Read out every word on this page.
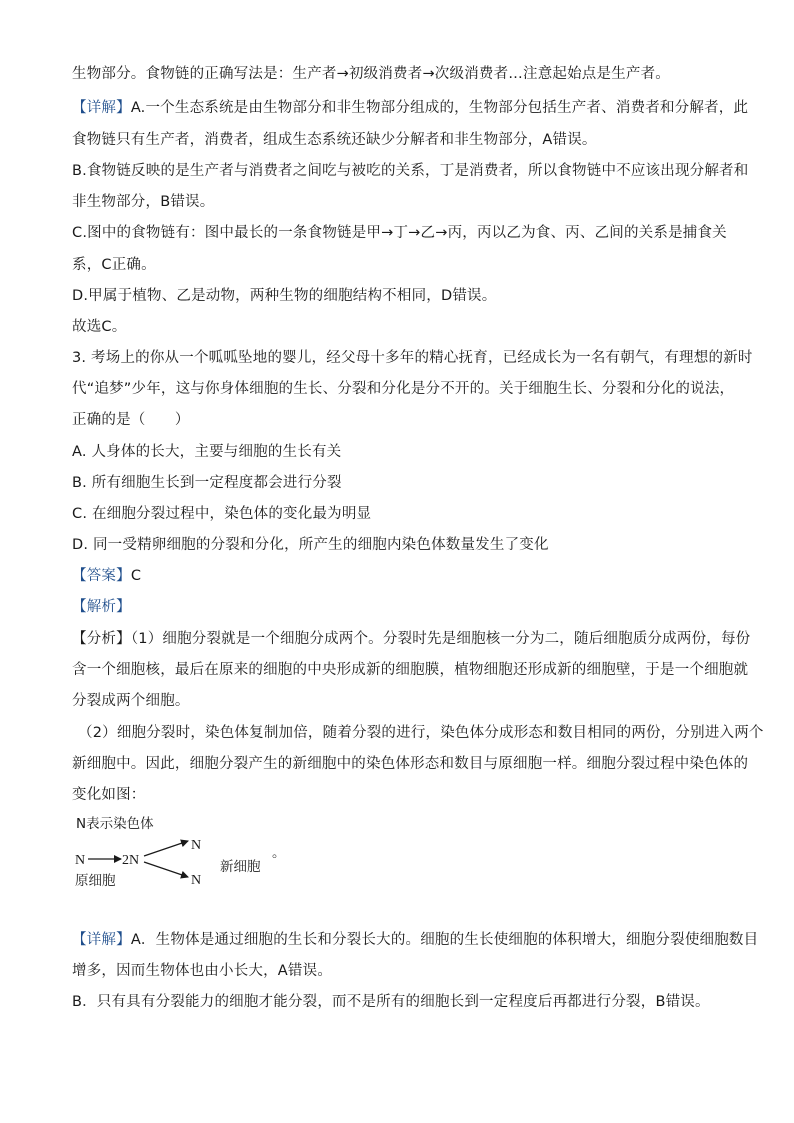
生物部分。食物链的正确写法是：生产者→初级消费者→次级消费者…注意起始点是生产者。
【详解】A.一个生态系统是由生物部分和非生物部分组成的，生物部分包括生产者、消费者和分解者，此
食物链只有生产者，消费者，组成生态系统还缺少分解者和非生物部分，A错误。
B.食物链反映的是生产者与消费者之间吃与被吃的关系，丁是消费者，所以食物链中不应该出现分解者和
非生物部分，B错误。
C.图中的食物链有：图中最长的一条食物链是甲→丁→乙→丙，丙以乙为食、丙、乙间的关系是捕食关
系，C正确。
D.甲属于植物、乙是动物，两种生物的细胞结构不相同，D错误。
故选C。
3. 考场上的你从一个呱呱坠地的婴儿，经父母十多年的精心抚育，已经成长为一名有朝气，有理想的新时
代“追梦”少年，这与你身体细胞的生长、分裂和分化是分不开的。关于细胞生长、分裂和分化的说法，
正确的是（　　）
A. 人身体的长大，主要与细胞的生长有关
B. 所有细胞生长到一定程度都会进行分裂
C. 在细胞分裂过程中，染色体的变化最为明显
D. 同一受精卵细胞的分裂和分化，所产生的细胞内染色体数量发生了变化
【答案】C
【解析】
【分析】（1）细胞分裂就是一个细胞分成两个。分裂时先是细胞核一分为二，随后细胞质分成两份，每份
含一个细胞核，最后在原来的细胞的中央形成新的细胞膜，植物细胞还形成新的细胞壁，于是一个细胞就
分裂成两个细胞。
（2）细胞分裂时，染色体复制加倍，随着分裂的进行，染色体分成形态和数目相同的两份，分别进入两个
新细胞中。因此，细胞分裂产生的新细胞中的染色体形态和数目与原细胞一样。细胞分裂过程中染色体的
变化如图：
N表示染色体
N	2N
N
N
原细胞
新细胞
。
【详解】A．生物体是通过细胞的生长和分裂长大的。细胞的生长使细胞的体积增大，细胞分裂使细胞数目
增多，因而生物体也由小长大，A错误。
B．只有具有分裂能力的细胞才能分裂，而不是所有的细胞长到一定程度后再都进行分裂，B错误。
